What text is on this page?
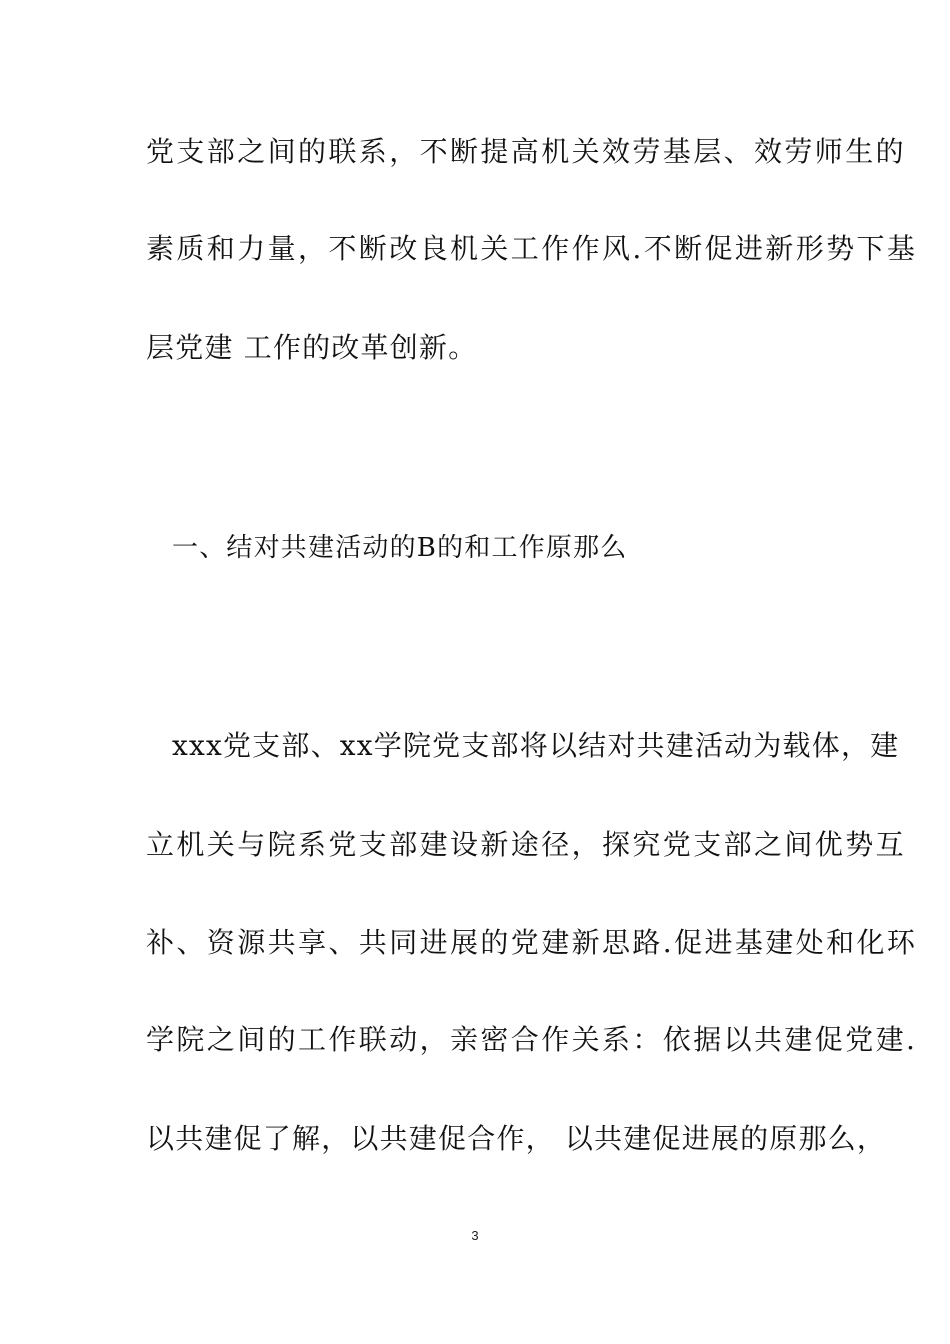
党支部之间的联系，不断提高机关效劳基层、效劳师生的
素质和力量，不断改良机关工作作风.不断促进新形势下基
层党建 工作的改革创新。
一、结对共建活动的B的和工作原那么
xxx党支部、xx学院党支部将以结对共建活动为载体，建
立机关与院系党支部建设新途径，探究党支部之间优势互
补、资源共享、共同进展的党建新思路.促进基建处和化环
学院之间的工作联动，亲密合作关系：依据以共建促党建.
以共建促了解，以共建促合作， 以共建促进展的原那么，
3
